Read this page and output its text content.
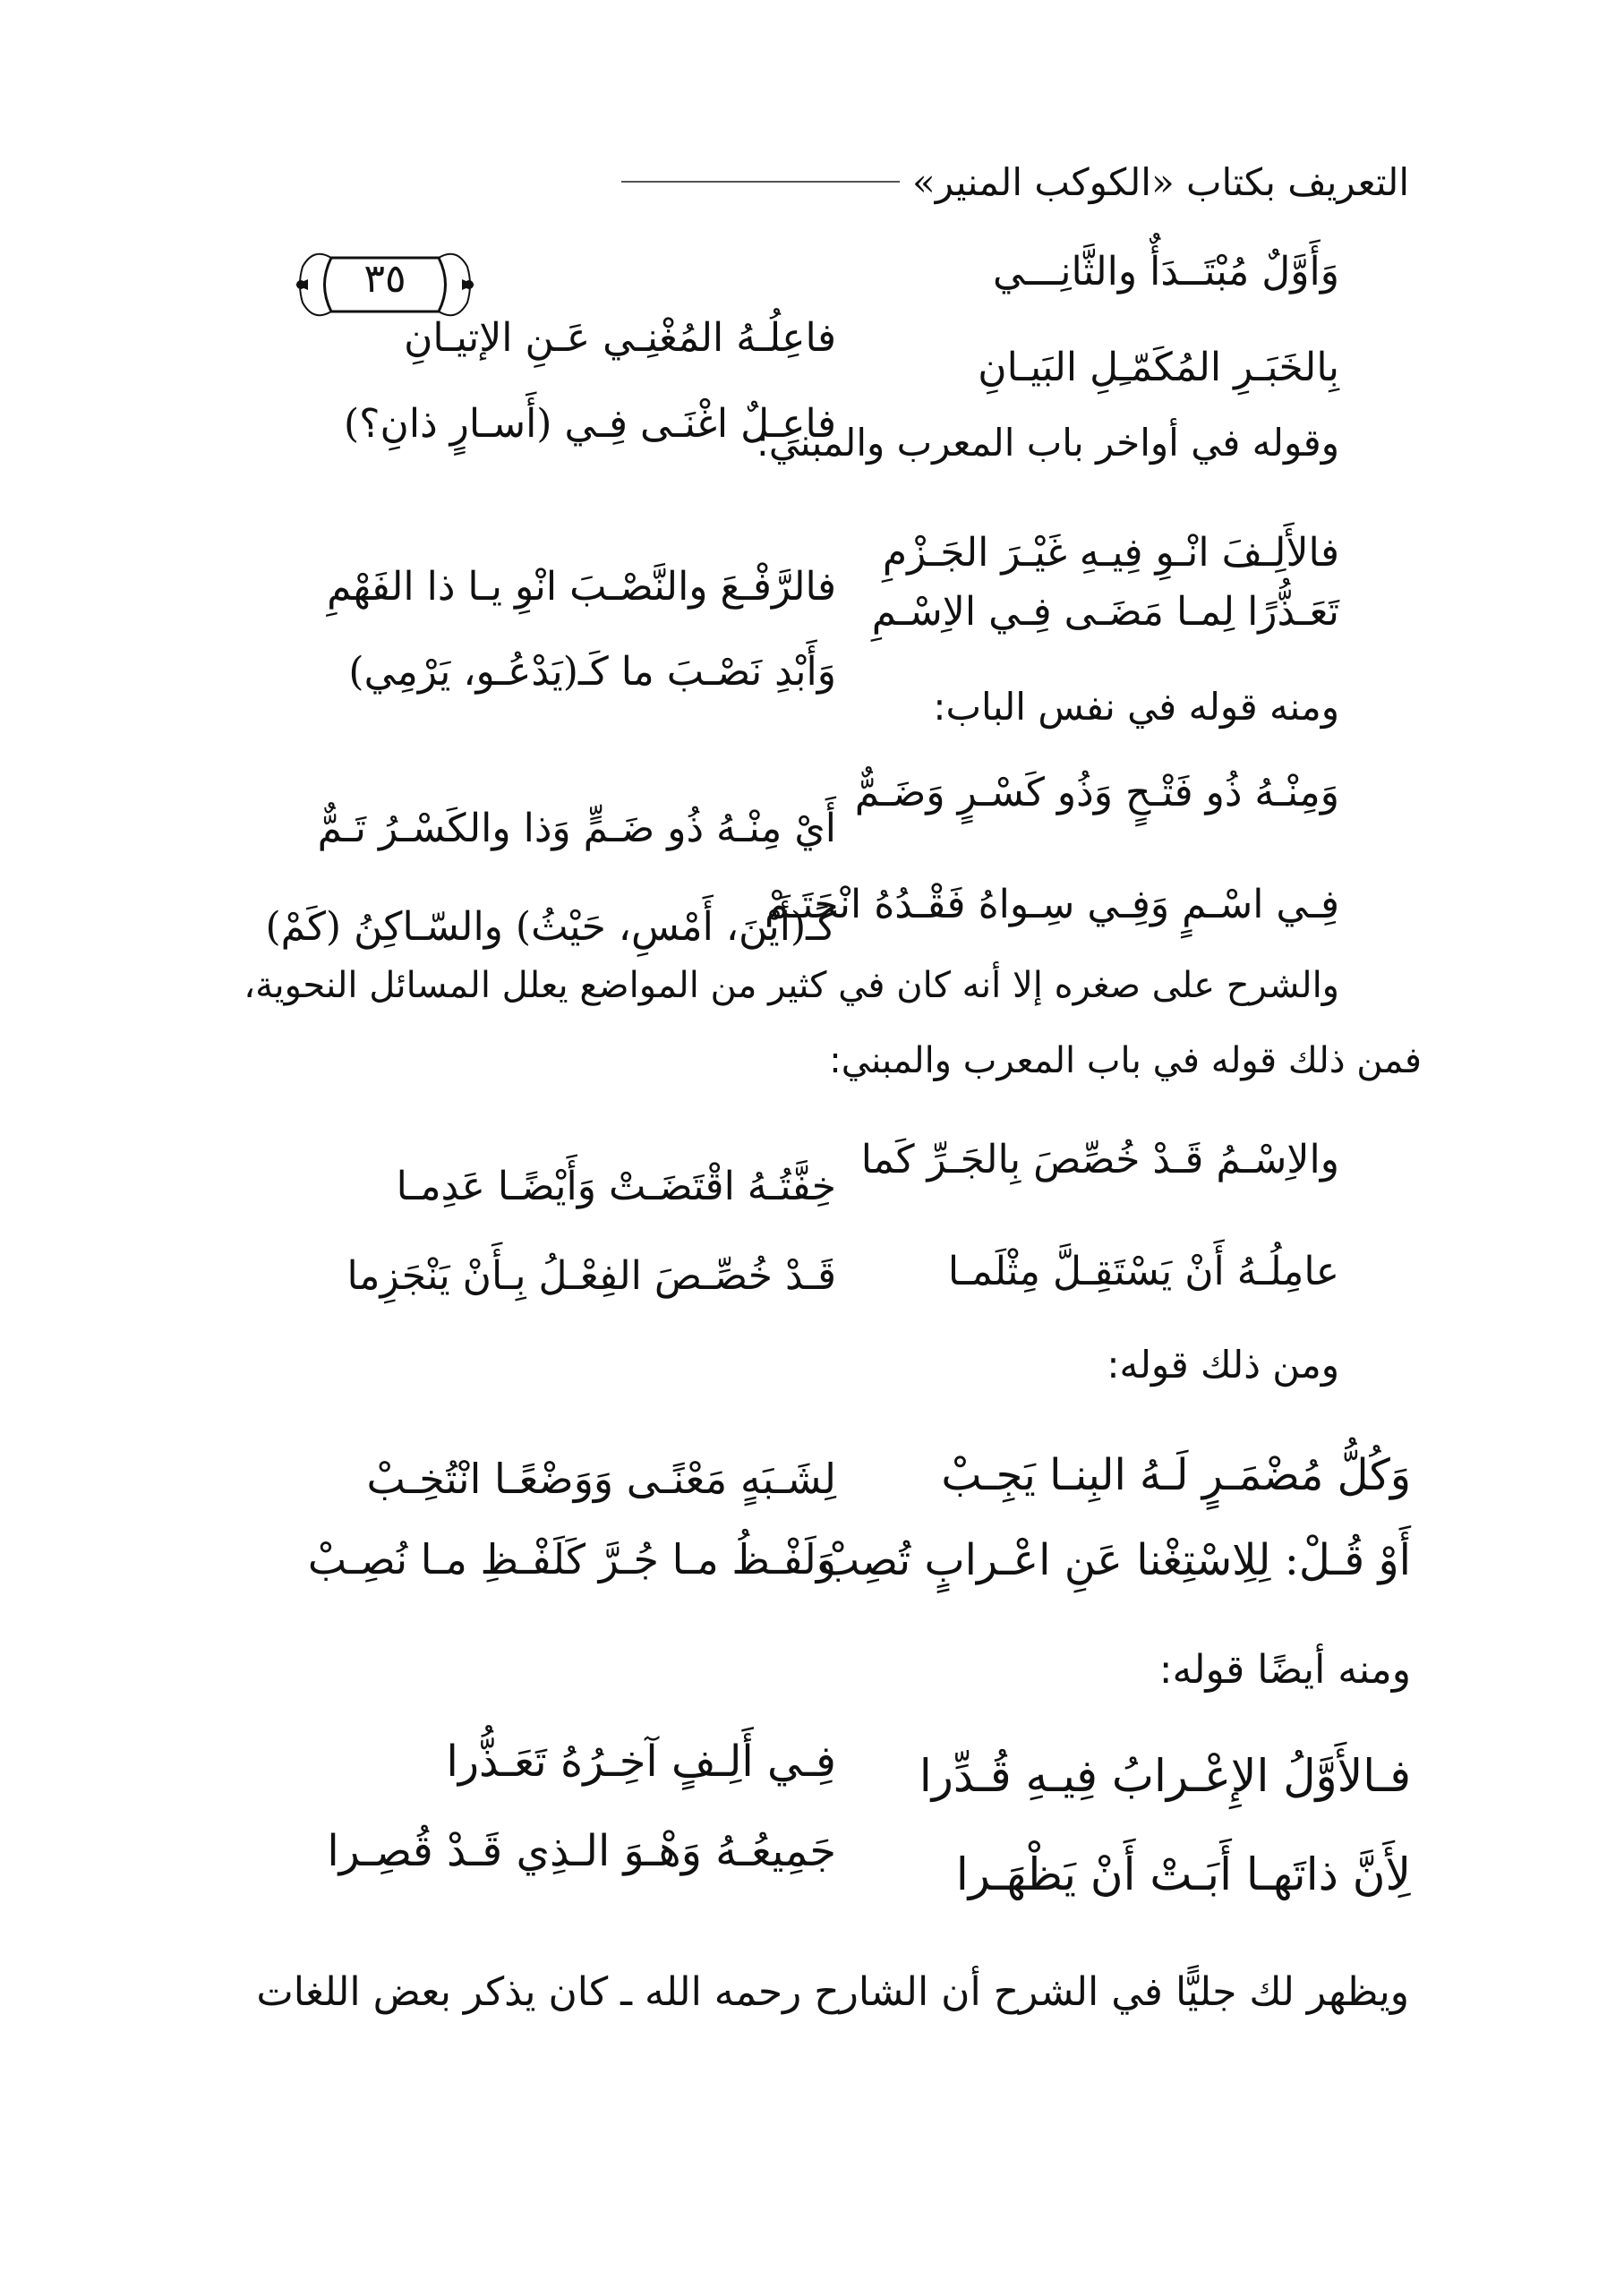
التعريف بكتاب «الكوكب المنير»
٣٥	وَأَوَّلٌ مُبْتَــدَأٌ والثَّانِـــي
فاعِلُـهُ المُغْنِـي عَـنِ الإتيـانِ
بِالخَبَـرِ المُكَمّـِلِ البَيـانِ
فاعِـلٌ اغْنَـى فِـي (أَسـارٍ ذانِ؟)
وقوله في أواخر باب المعرب والمبني:
فالأَلِـفَ انْـوِ فِيـهِ غَيْـرَ الجَـزْمِ
فالرَّفْـعَ والنَّصْـبَ انْوِ يـا ذا الفَهْمِ
تَعَـذُّرًا لِمـا مَضَـى فِـي الاِسْـمِ
وَأَبْدِ نَصْـبَ ما كَـ(يَدْعُـو، يَرْمِي)
ومنه قوله في نفس الباب:
وَمِنْـهُ ذُو فَتْـحٍ وَذُو كَسْـرٍ وَضَـمٌّ
أَيْ مِنْـهُ ذُو ضَـمٍّ وَذا والكَسْـرُ تَـمٌّ
فِـي اسْـمٍ وَفِـي سِـواهُ فَقْـدُهُ انْحَتَـمْ
كَـ(أَيْنَ، أَمْسِ، حَيْثُ) والسّـاكِنُ (كَمْ)
والشرح على صغره إلا أنه كان في كثير من المواضع يعلل المسائل النحوية،
فمن ذلك قوله في باب المعرب والمبني:
والاِسْـمُ قَـدْ خُصِّصَ بِالجَـرِّ كَما
خِفَّتُـهُ اقْتَضَـتْ وَأَيْضًـا عَدِمـا
عامِلُـهُ أَنْ يَسْتَقِـلَّ مِثْلَمـا
قَـدْ خُصِّـصَ الفِعْـلُ بِـأَنْ يَنْجَزِما
ومن ذلك قوله:
وَكُلُّ مُضْمَـرٍ لَـهُ البِنـا يَجِـبْ
لِشَـبَهٍ مَعْنًـى وَوَضْعًـا انْتُخِـبْ
أَوْ قُـلْ: لِلِاسْتِغْنا عَنِ اعْـرابٍ تُصِبْ
وَلَفْـظُ مـا جُـرَّ كَلَفْـظِ مـا نُصِـبْ
ومنه أيضًا قوله:
فـالأَوَّلُ الإِعْـرابُ فِيـهِ قُـدِّرا
فِـي أَلِـفٍ آخِـرُهُ تَعَـذُّرا
لِأَنَّ ذاتَهـا أَبَـتْ أَنْ يَظْهَـرا
جَمِيعُـهُ وَهْـوَ الـذِي قَـدْ قُصِـرا
ويظهر لك جليًّا في الشرح أن الشارح رحمه الله ـ كان يذكر بعض اللغات
